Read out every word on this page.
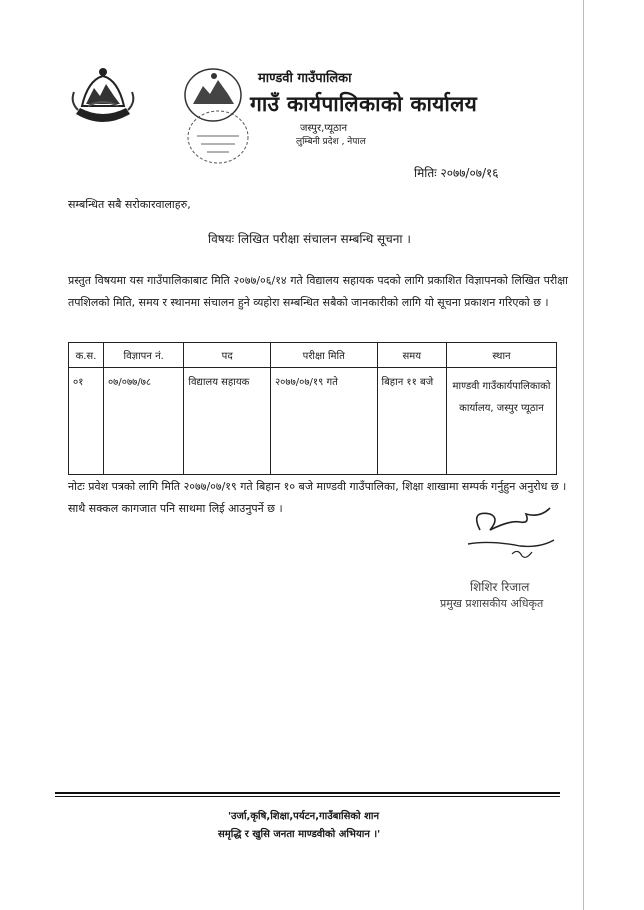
माण्डवी गाउँपालिका
गाउँ कार्यपालिकाको कार्यालय
जस्पुर,प्यूठान
लुम्बिनी प्रदेश , नेपाल
मितिः २०७७/०७/१६
सम्बन्धित सबै सरोकारवालाहरु,
विषयः लिखित परीक्षा संचालन सम्बन्धि सूचना ।
प्रस्तुत विषयमा यस गाउँपालिकाबाट मिति २०७७/०६/१४ गते विद्यालय सहायक पदको लागि प्रकाशित विज्ञापनको लिखित परीक्षा तपशिलको मिति, समय र स्थानमा संचालन हुने व्यहोरा सम्बन्धित सबैको जानकारीको लागि यो सूचना प्रकाशन गरिएको छ ।
क.स.	विज्ञापन नं.	पद	परीक्षा मिति	समय	स्थान
०१	०७/०७७/७८	विद्यालय सहायक	२०७७/०७/१९ गते	बिहान ११ बजे	माण्डवी गाउँकार्यपालिकाको कार्यालय, जस्पुर प्यूठान
नोटः प्रवेश पत्रको लागि मिति २०७७/०७/१९ गते बिहान १० बजे माण्डवी गाउँपालिका, शिक्षा शाखामा सम्पर्क गर्नुहुन अनुरोध छ । साथै सक्कल कागजात पनि साथमा लिई आउनुपर्ने छ ।
शिशिर रिजाल
प्रमुख प्रशासकीय अधिकृत
'उर्जा,कृषि,शिक्षा,पर्यटन,गाउँबासिको शान
समृद्धि र खुसि जनता माण्डवीको अभियान ।'
